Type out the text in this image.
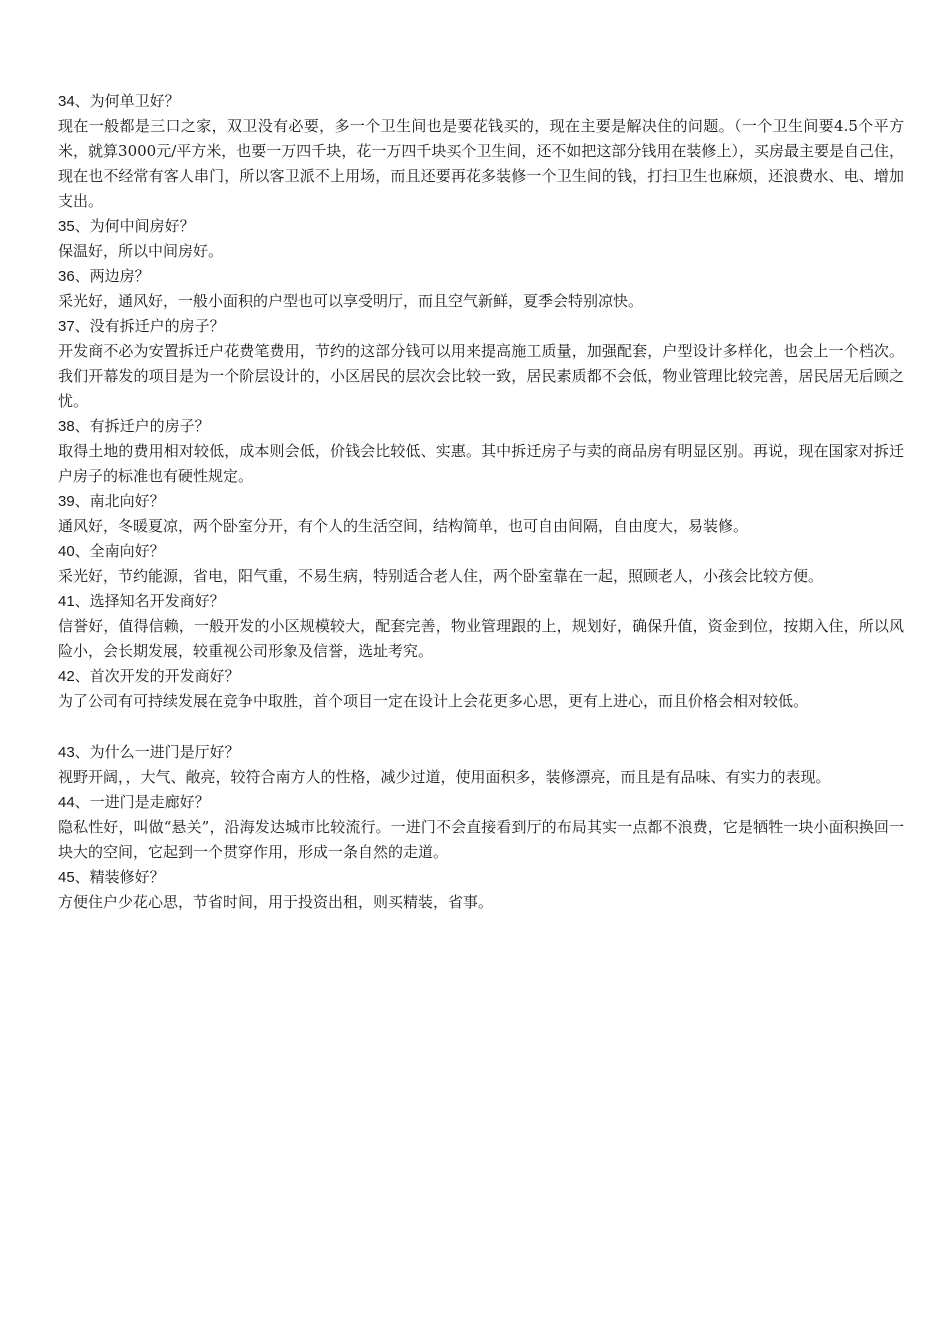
34、为何单卫好？

现在一般都是三口之家，双卫没有必要，多一个卫生间也是要花钱买的，现在主要是解决住的问题。（一个卫生间要4.5个平方米，就算3000元/平方米，也要一万四千块，花一万四千块买个卫生间，还不如把这部分钱用在装修上），买房最主要是自己住，现在也不经常有客人串门，所以客卫派不上用场，而且还要再花多装修一个卫生间的钱，打扫卫生也麻烦，还浪费水、电、增加支出。

35、为何中间房好？

保温好，所以中间房好。

36、两边房？

采光好，通风好，一般小面积的户型也可以享受明厅，而且空气新鲜，夏季会特别凉快。

37、没有拆迁户的房子？

开发商不必为安置拆迁户花费笔费用，节约的这部分钱可以用来提高施工质量，加强配套，户型设计多样化，也会上一个档次。我们开幕发的项目是为一个阶层设计的，小区居民的层次会比较一致，居民素质都不会低，物业管理比较完善，居民居无后顾之忧。

38、有拆迁户的房子？

取得土地的费用相对较低，成本则会低，价钱会比较低、实惠。其中拆迁房子与卖的商品房有明显区别。再说，现在国家对拆迁户房子的标准也有硬性规定。

39、南北向好？

通风好，冬暖夏凉，两个卧室分开，有个人的生活空间，结构简单，也可自由间隔，自由度大，易装修。

40、全南向好？

采光好，节约能源，省电，阳气重，不易生病，特别适合老人住，两个卧室靠在一起，照顾老人，小孩会比较方便。

41、选择知名开发商好？

信誉好，值得信赖，一般开发的小区规模较大，配套完善，物业管理跟的上，规划好，确保升值，资金到位，按期入住，所以风险小，会长期发展，较重视公司形象及信誉，选址考究。

42、首次开发的开发商好？

为了公司有可持续发展在竞争中取胜，首个项目一定在设计上会花更多心思，更有上进心，而且价格会相对较低。

43、为什么一进门是厅好？

视野开阔，，大气、敞亮，较符合南方人的性格，减少过道，使用面积多，装修漂亮，而且是有品味、有实力的表现。

44、一进门是走廊好？

隐私性好，叫做“悬关”，沿海发达城市比较流行。一进门不会直接看到厅的布局其实一点都不浪费，它是牺牲一块小面积换回一块大的空间，它起到一个贯穿作用，形成一条自然的走道。

45、精装修好？

方便住户少花心思，节省时间，用于投资出租，则买精装，省事。
